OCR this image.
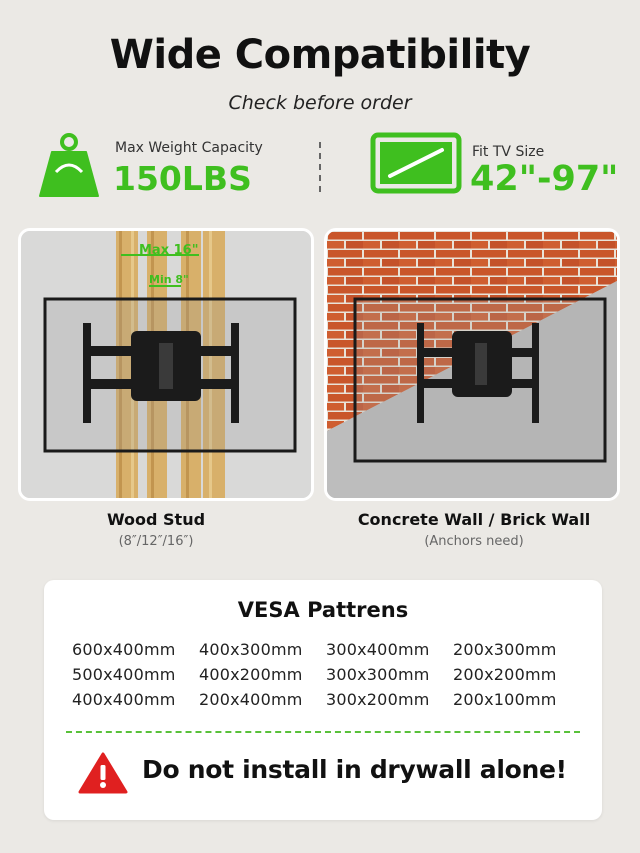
Wide Compatibility
Check before order
Max Weight Capacity
150LBS
Fit TV Size
42"-97"
Max 16"
Min 8"
Wood Stud
(8″/12″/16″)
Concrete Wall / Brick Wall
(Anchors need)
VESA Pattrens
600x400mm 400x300mm 300x400mm 200x300mm
500x400mm 400x200mm 300x300mm 200x200mm
400x400mm 200x400mm 300x200mm 200x100mm
Do not install in drywall alone!
